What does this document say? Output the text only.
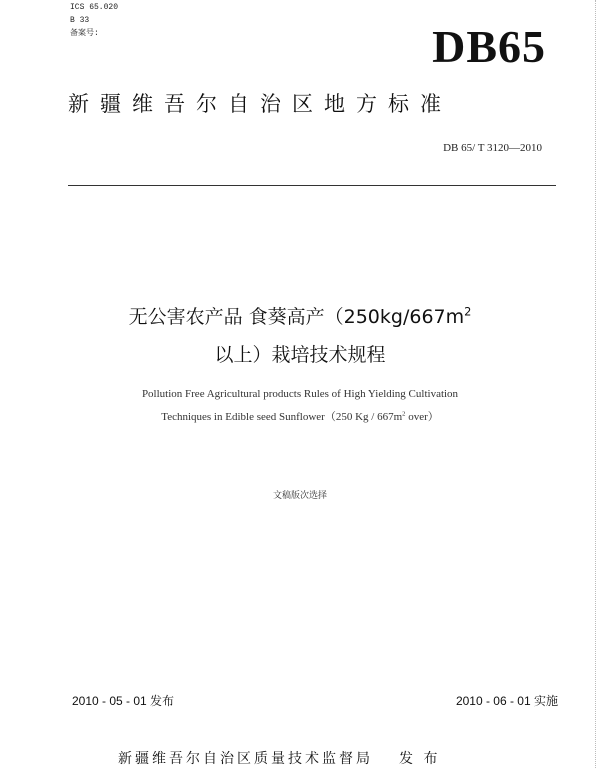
ICS 65.020
B 33
备案号:	DB65
新疆维吾尔自治区地方标准
DB 65/ T 3120—2010
无公害农产品 食葵高产（$250kg/667m^2$
以上）栽培技术规程
Pollution Free Agricultural products Rules of High Yielding Cultivation
Techniques in Edible seed Sunflower（250 Kg / $667m^2$ over）
文稿版次选择
2010 - 05 - 01 发布	2010 - 06 - 01 实施
新疆维吾尔自治区质量技术监督局 发 布
